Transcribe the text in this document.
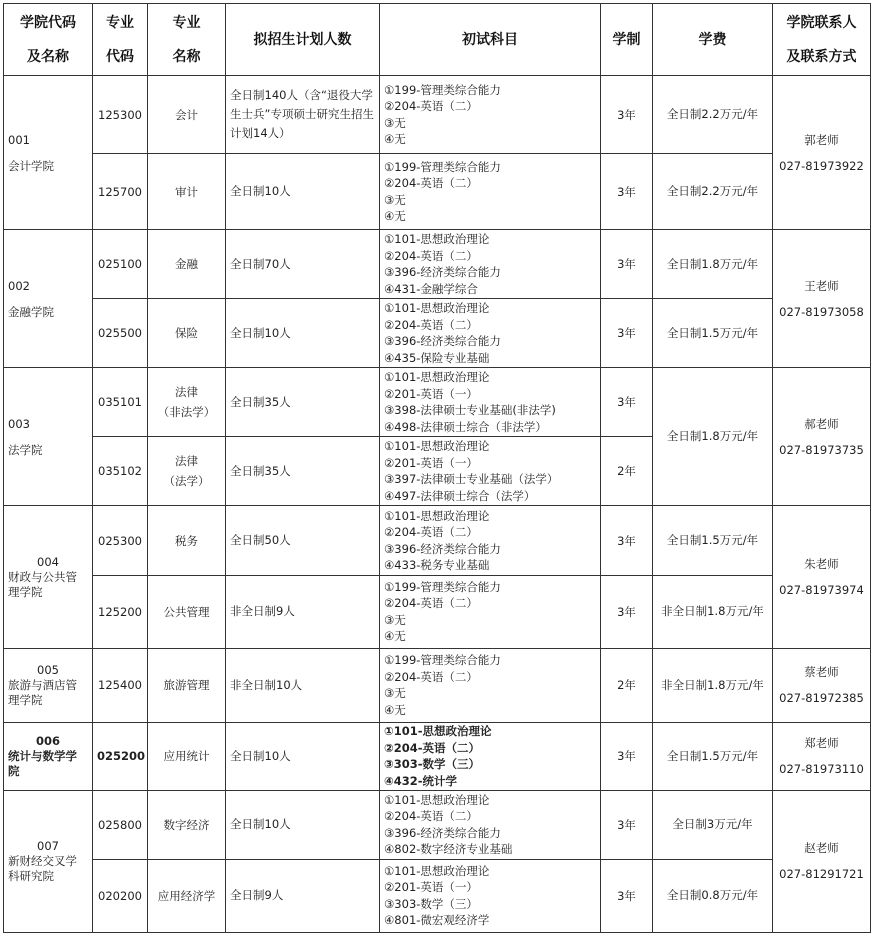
学院代码
及名称	专业
代码	专业
名称	拟招生计划人数	初试科目	学制	学费	学院联系人
及联系方式

001
会计学院	125300	会计	全日制140人（含“退役大学生士兵”专项硕士研究生招生计划14人）	①199-管理类综合能力
②204-英语（二）
③无
④无	3年	全日制2.2万元/年	郭老师
027-81973922

	125700	审计	全日制10人	①199-管理类综合能力
②204-英语（二）
③无
④无	3年	全日制2.2万元/年	

002
金融学院	025100	金融	全日制70人	①101-思想政治理论
②204-英语（二）
③396-经济类综合能力
④431-金融学综合	3年	全日制1.8万元/年	王老师
027-81973058

	025500	保险	全日制10人	①101-思想政治理论
②204-英语（二）
③396-经济类综合能力
④435-保险专业基础	3年	全日制1.5万元/年	

003
法学院	035101	法律
（非法学）	全日制35人	①101-思想政治理论
②201-英语（一）
③398-法律硕士专业基础(非法学)
④498-法律硕士综合（非法学）	3年	全日制1.8万元/年	郝老师
027-81973735

	035102	法律
（法学）	全日制35人	①101-思想政治理论
②201-英语（一）
③397-法律硕士专业基础（法学）
④497-法律硕士综合（法学）	2年		

004
财政与公共管理学院	025300	税务	全日制50人	①101-思想政治理论
②204-英语（二）
③396-经济类综合能力
④433-税务专业基础	3年	全日制1.5万元/年	朱老师
027-81973974

	125200	公共管理	非全日制9人	①199-管理类综合能力
②204-英语（二）
③无
④无	3年	非全日制1.8万元/年	

005
旅游与酒店管理学院	125400	旅游管理	非全日制10人	①199-管理类综合能力
②204-英语（二）
③无
④无	2年	非全日制1.8万元/年	蔡老师
027-81972385

006
统计与数学学院	025200	应用统计	全日制10人	①101-思想政治理论
②204-英语（二）
③303-数学（三）
④432-统计学	3年	全日制1.5万元/年	郑老师
027-81973110

007
新财经交叉学科研究院	025800	数字经济	全日制10人	①101-思想政治理论
②204-英语（二）
③396-经济类综合能力
④802-数字经济专业基础	3年	全日制3万元/年	赵老师
027-81291721

	020200	应用经济学	全日制9人	①101-思想政治理论
②201-英语（一）
③303-数学（三）
④801-微宏观经济学	3年	全日制0.8万元/年	
